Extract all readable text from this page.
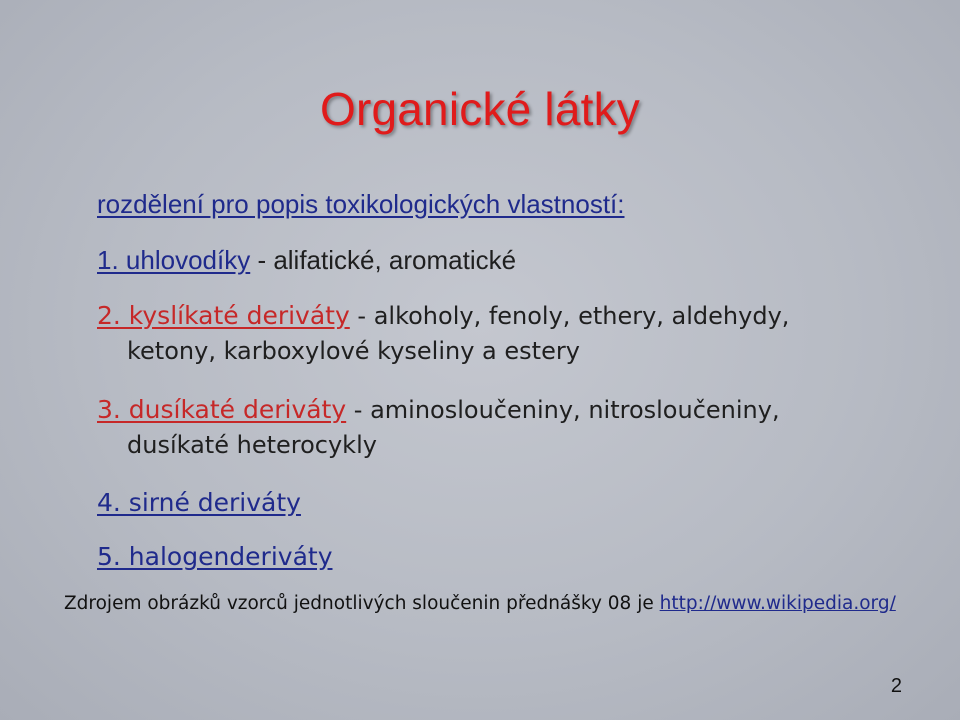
Organické látky
rozdělení pro popis toxikologických vlastností:
1. uhlovodíky - alifatické, aromatické
2. kyslíkaté deriváty - alkoholy, fenoly, ethery, aldehydy,
ketony, karboxylové kyseliny a estery
3. dusíkaté deriváty - aminosloučeniny, nitrosloučeniny,
dusíkaté heterocykly
4. sirné deriváty
5. halogenderiváty
Zdrojem obrázků vzorců jednotlivých sloučenin přednášky 08 je http://www.wikipedia.org/
2
